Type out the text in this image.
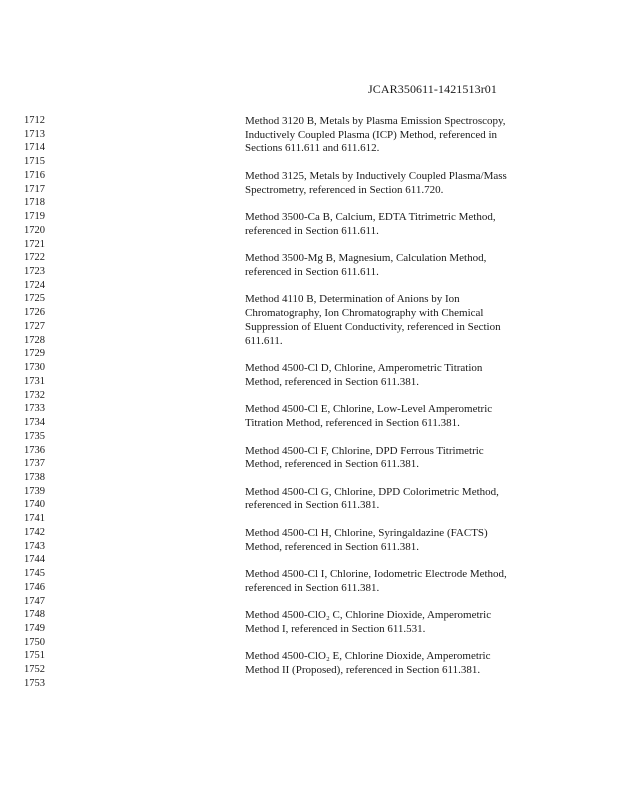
JCAR350611-1421513r01
1712	Method 3120 B, Metals by Plasma Emission Spectroscopy,
1713	Inductively Coupled Plasma (ICP) Method, referenced in
1714	Sections 611.611 and 611.612.
1715
1716	Method 3125, Metals by Inductively Coupled Plasma/Mass
1717	Spectrometry, referenced in Section 611.720.
1718
1719	Method 3500-Ca B, Calcium, EDTA Titrimetric Method,
1720	referenced in Section 611.611.
1721
1722	Method 3500-Mg B, Magnesium, Calculation Method,
1723	referenced in Section 611.611.
1724
1725	Method 4110 B, Determination of Anions by Ion
1726	Chromatography, Ion Chromatography with Chemical
1727	Suppression of Eluent Conductivity, referenced in Section
1728	611.611.
1729
1730	Method 4500-Cl D, Chlorine, Amperometric Titration
1731	Method, referenced in Section 611.381.
1732
1733	Method 4500-Cl E, Chlorine, Low-Level Amperometric
1734	Titration Method, referenced in Section 611.381.
1735
1736	Method 4500-Cl F, Chlorine, DPD Ferrous Titrimetric
1737	Method, referenced in Section 611.381.
1738
1739	Method 4500-Cl G, Chlorine, DPD Colorimetric Method,
1740	referenced in Section 611.381.
1741
1742	Method 4500-Cl H, Chlorine, Syringaldazine (FACTS)
1743	Method, referenced in Section 611.381.
1744
1745	Method 4500-Cl I, Chlorine, Iodometric Electrode Method,
1746	referenced in Section 611.381.
1747
1748	Method 4500-ClO₂ C, Chlorine Dioxide, Amperometric
1749	Method I, referenced in Section 611.531.
1750
1751	Method 4500-ClO₂ E, Chlorine Dioxide, Amperometric
1752	Method II (Proposed), referenced in Section 611.381.
1753
